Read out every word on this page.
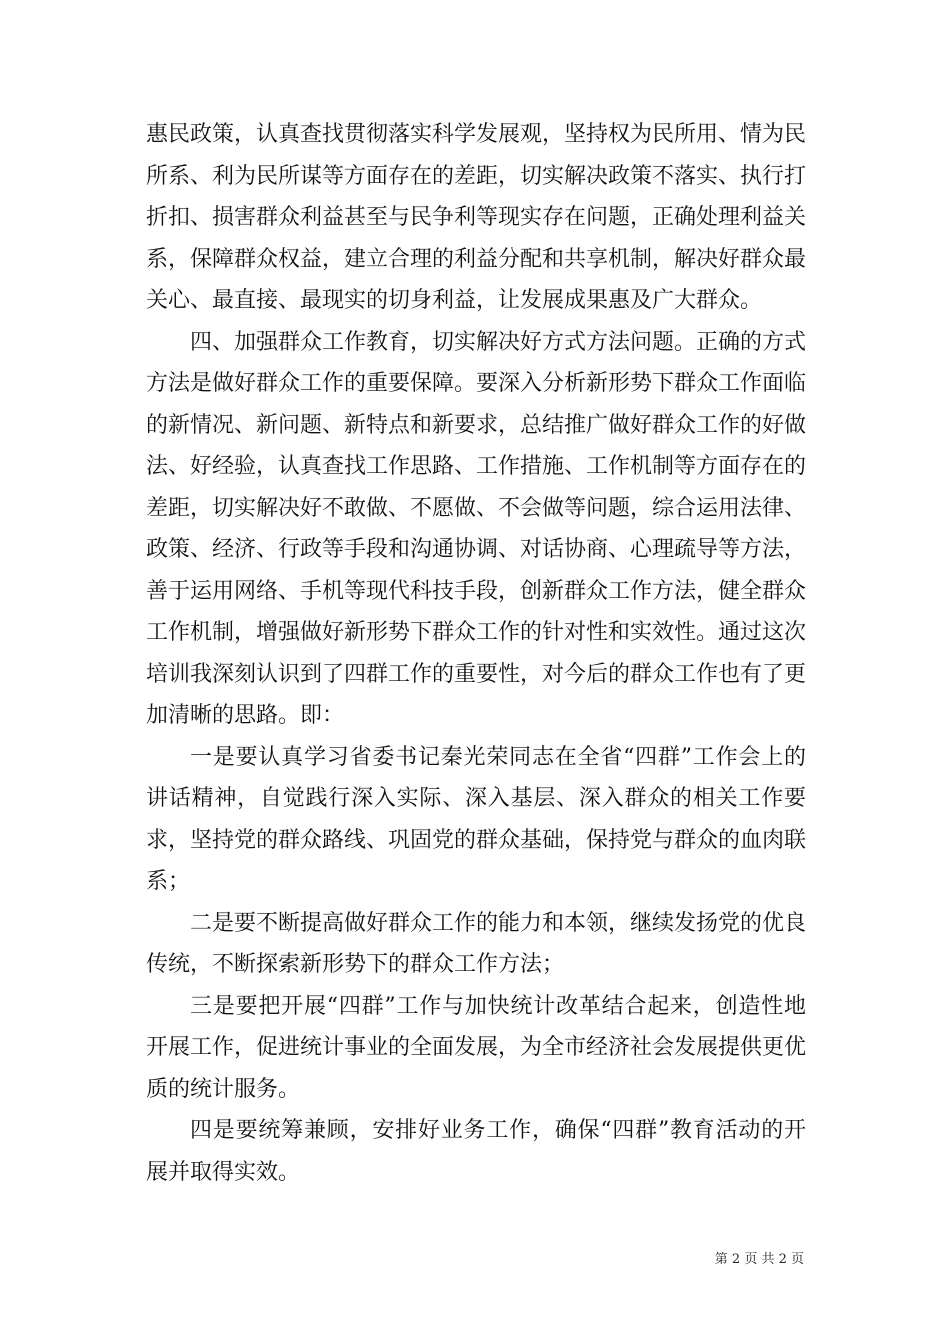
惠民政策，认真查找贯彻落实科学发展观，坚持权为民所用、情为民所系、利为民所谋等方面存在的差距，切实解决政策不落实、执行打折扣、损害群众利益甚至与民争利等现实存在问题，正确处理利益关系，保障群众权益，建立合理的利益分配和共享机制，解决好群众最关心、最直接、最现实的切身利益，让发展成果惠及广大群众。

四、加强群众工作教育，切实解决好方式方法问题。正确的方式方法是做好群众工作的重要保障。要深入分析新形势下群众工作面临的新情况、新问题、新特点和新要求，总结推广做好群众工作的好做法、好经验，认真查找工作思路、工作措施、工作机制等方面存在的差距，切实解决好不敢做、不愿做、不会做等问题，综合运用法律、政策、经济、行政等手段和沟通协调、对话协商、心理疏导等方法，善于运用网络、手机等现代科技手段，创新群众工作方法，健全群众工作机制，增强做好新形势下群众工作的针对性和实效性。通过这次培训我深刻认识到了四群工作的重要性，对今后的群众工作也有了更加清晰的思路。即：

一是要认真学习省委书记秦光荣同志在全省“四群”工作会上的讲话精神，自觉践行深入实际、深入基层、深入群众的相关工作要求，坚持党的群众路线、巩固党的群众基础，保持党与群众的血肉联系；

二是要不断提高做好群众工作的能力和本领，继续发扬党的优良传统，不断探索新形势下的群众工作方法；

三是要把开展“四群”工作与加快统计改革结合起来，创造性地开展工作，促进统计事业的全面发展，为全市经济社会发展提供更优质的统计服务。

四是要统筹兼顾，安排好业务工作，确保“四群”教育活动的开展并取得实效。

第 2 页 共 2 页
